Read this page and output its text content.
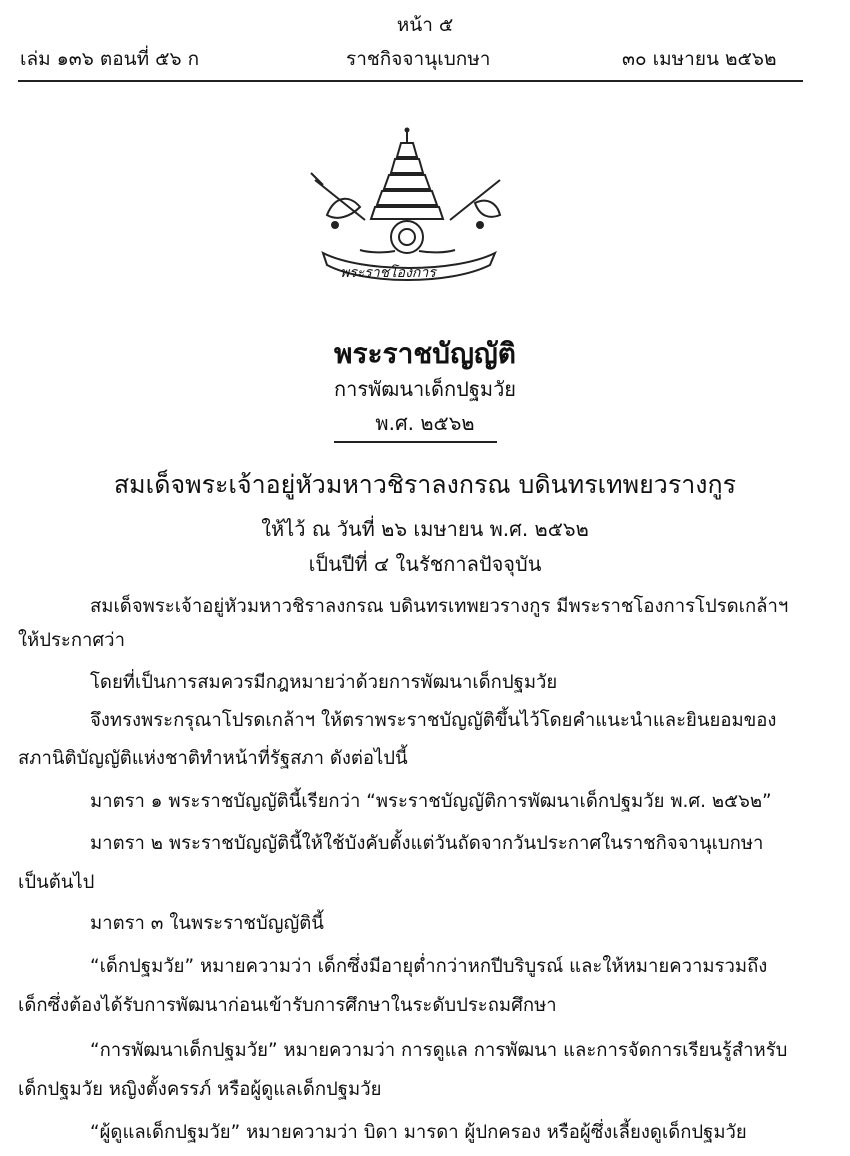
หน้า ๕
เล่ม ๑๓๖ ตอนที่ ๕๖ ก	ราชกิจจานุเบกษา	๓๐ เมษายน ๒๕๖๒
พระราชโองการ
พระราชบัญญัติ
การพัฒนาเด็กปฐมวัย
พ.ศ. ๒๕๖๒
สมเด็จพระเจ้าอยู่หัวมหาวชิราลงกรณ บดินทรเทพยวรางกูร
ให้ไว้ ณ วันที่ ๒๖ เมษายน พ.ศ. ๒๕๖๒
เป็นปีที่ ๔ ในรัชกาลปัจจุบัน
สมเด็จพระเจ้าอยู่หัวมหาวชิราลงกรณ บดินทรเทพยวรางกูร มีพระราชโองการโปรดเกล้าฯ
ให้ประกาศว่า
โดยที่เป็นการสมควรมีกฎหมายว่าด้วยการพัฒนาเด็กปฐมวัย
จึงทรงพระกรุณาโปรดเกล้าฯ ให้ตราพระราชบัญญัติขึ้นไว้โดยคำแนะนำและยินยอมของ
สภานิติบัญญัติแห่งชาติทำหน้าที่รัฐสภา ดังต่อไปนี้
มาตรา ๑ พระราชบัญญัตินี้เรียกว่า “พระราชบัญญัติการพัฒนาเด็กปฐมวัย พ.ศ. ๒๕๖๒”
มาตรา ๒ พระราชบัญญัตินี้ให้ใช้บังคับตั้งแต่วันถัดจากวันประกาศในราชกิจจานุเบกษา
เป็นต้นไป
มาตรา ๓ ในพระราชบัญญัตินี้
“เด็กปฐมวัย” หมายความว่า เด็กซึ่งมีอายุต่ำกว่าหกปีบริบูรณ์ และให้หมายความรวมถึง
เด็กซึ่งต้องได้รับการพัฒนาก่อนเข้ารับการศึกษาในระดับประถมศึกษา
“การพัฒนาเด็กปฐมวัย” หมายความว่า การดูแล การพัฒนา และการจัดการเรียนรู้สำหรับ
เด็กปฐมวัย หญิงตั้งครรภ์ หรือผู้ดูแลเด็กปฐมวัย
“ผู้ดูแลเด็กปฐมวัย” หมายความว่า บิดา มารดา ผู้ปกครอง หรือผู้ซึ่งเลี้ยงดูเด็กปฐมวัย
